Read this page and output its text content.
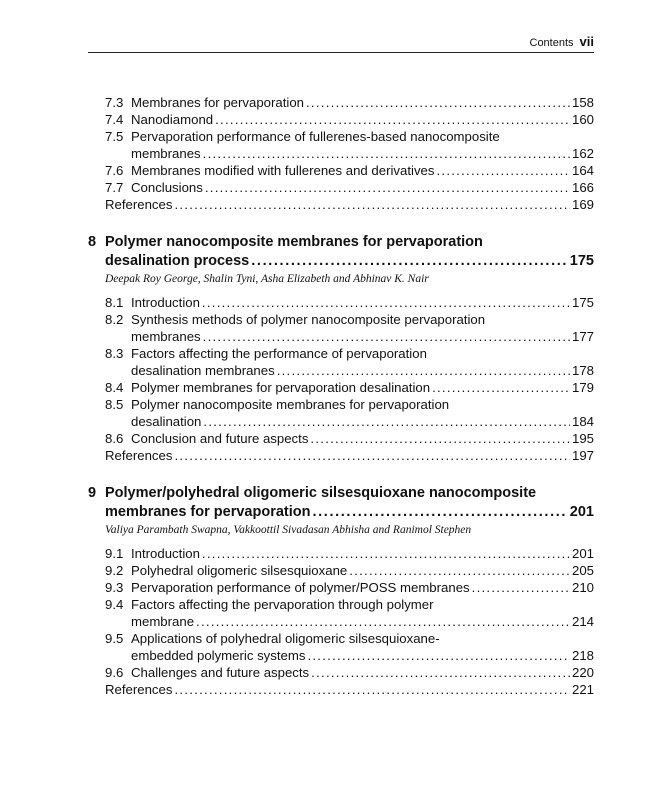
Contents vii
7.3 Membranes for pervaporation . . .	158
7.4 Nanodiamond . . .	160
7.5 Pervaporation performance of fullerenes-based nanocomposite
membranes . . .	162
7.6 Membranes modified with fullerenes and derivatives . . .	164
7.7 Conclusions . . .	166
References . . .	169
8 Polymer nanocomposite membranes for pervaporation
desalination process . . .	175
Deepak Roy George, Shalin Tyni, Asha Elizabeth and Abhinav K. Nair
8.1 Introduction . . .	175
8.2 Synthesis methods of polymer nanocomposite pervaporation
membranes . . .	177
8.3 Factors affecting the performance of pervaporation
desalination membranes . . .	178
8.4 Polymer membranes for pervaporation desalination . . .	179
8.5 Polymer nanocomposite membranes for pervaporation
desalination . . .	184
8.6 Conclusion and future aspects . . .	195
References . . .	197
9 Polymer/polyhedral oligomeric silsesquioxane nanocomposite
membranes for pervaporation . . .	201
Valiya Parambath Swapna, Vakkoottil Sivadasan Abhisha and Ranimol Stephen
9.1 Introduction . . .	201
9.2 Polyhedral oligomeric silsesquioxane . . .	205
9.3 Pervaporation performance of polymer/POSS membranes . . .	210
9.4 Factors affecting the pervaporation through polymer
membrane . . .	214
9.5 Applications of polyhedral oligomeric silsesquioxane-
embedded polymeric systems . . .	218
9.6 Challenges and future aspects . . .	220
References . . .	221
